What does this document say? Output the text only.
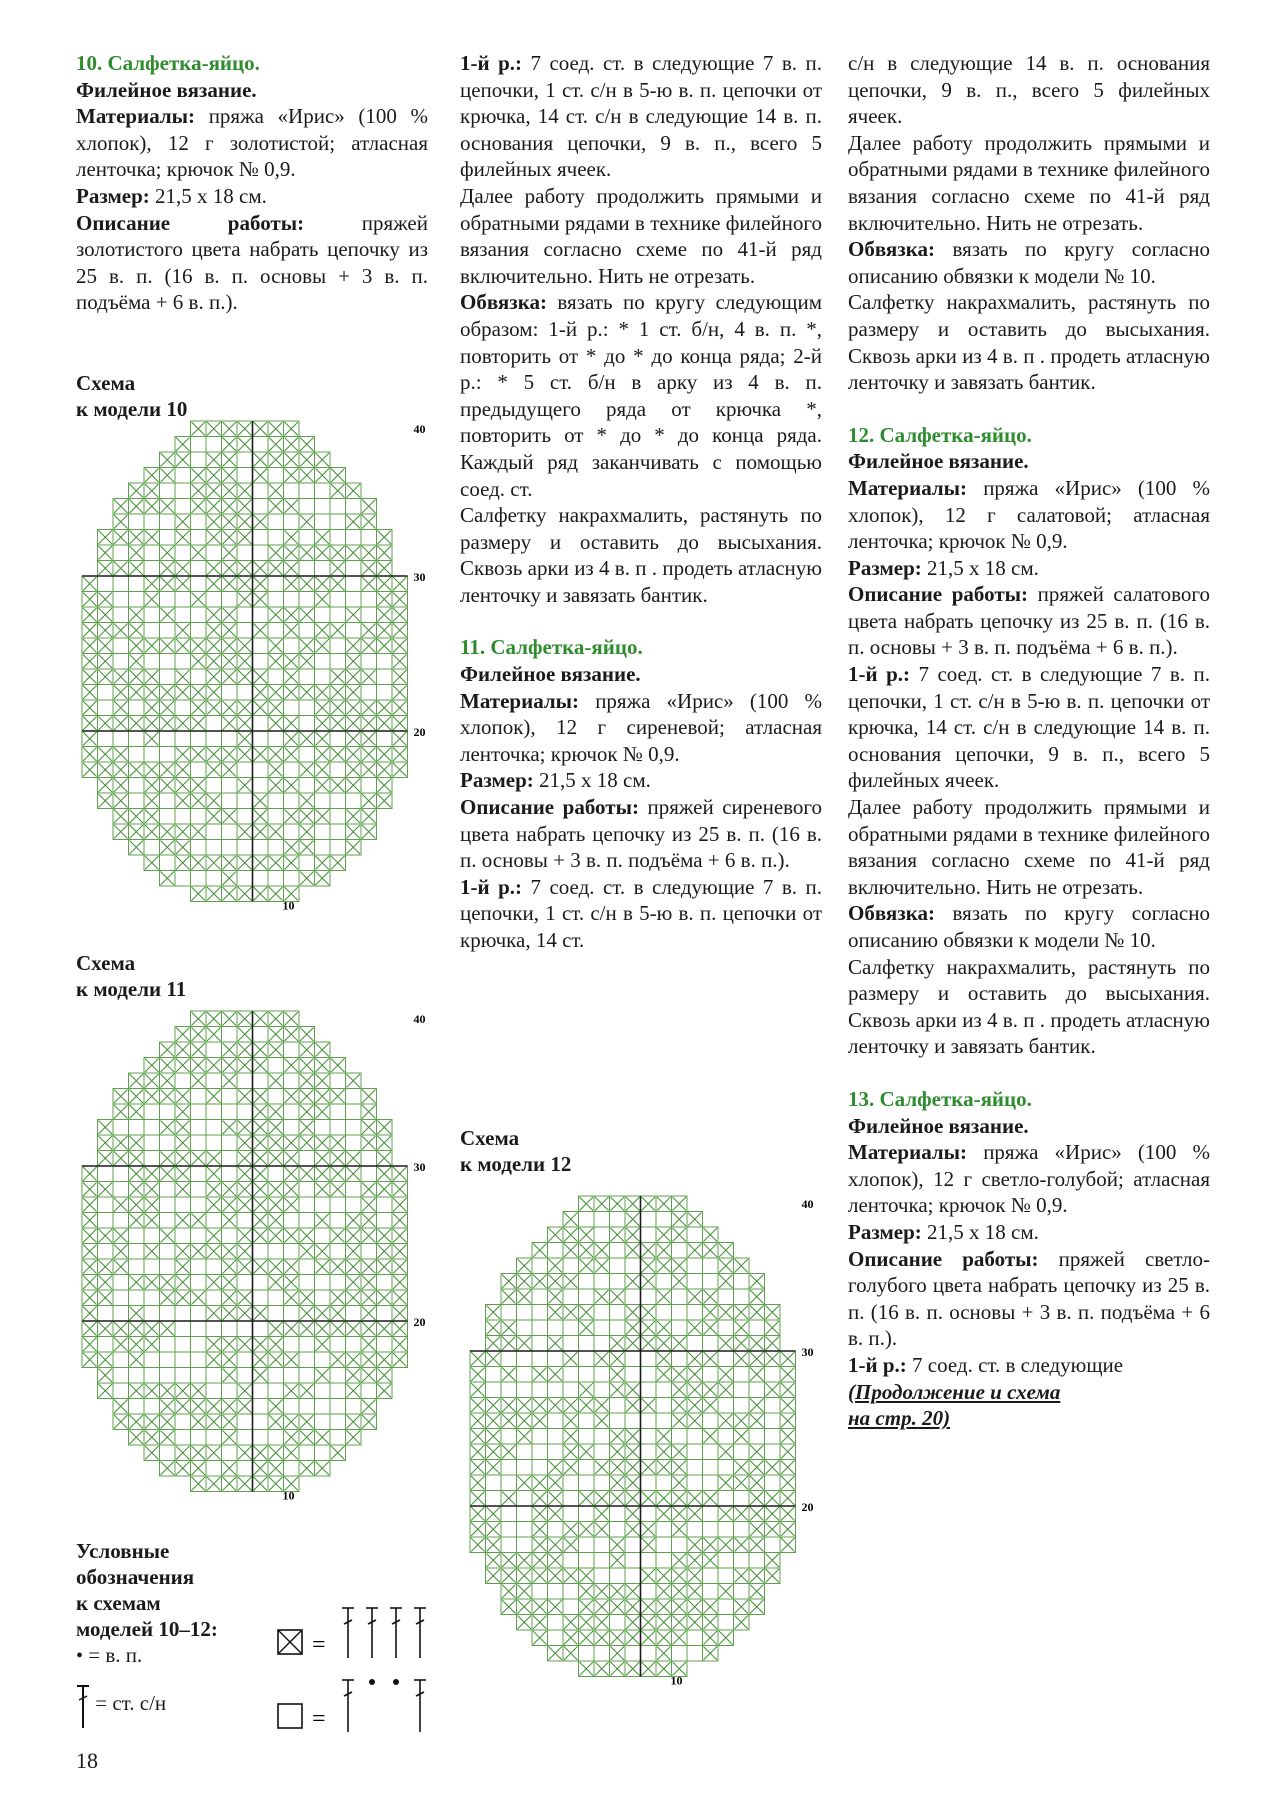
10. Салфетка-яйцо.

Филейное вязание.

Материалы: пряжа «Ирис» (100 % хлопок), 12 г золотистой; атласная ленточка; крючок № 0,9.

Размер: 21,5 х 18 см.

Описание работы:	пряжей золотистого цвета набрать цепочку из 25 в. п. (16 в. п. основы + 3 в. п. подъёма + 6 в. п.).

Схема
к модели 10
Схема
к модели 11
40
30
20
10
40
30
20
10
40
30
20
10
Условные
обозначения
к схемам
моделей 10–12:
• = в. п.
= ст. с/н
=
=
18

1-й р.: 7 соед. ст. в следующие 7 в. п. цепочки, 1 ст. с/н в 5-ю в. п. цепочки от крючка, 14 ст. с/н в следующие 14 в. п. основания цепочки, 9 в. п., всего 5 филейных ячеек.

Далее работу продолжить прямыми и обратными рядами в технике филейного вязания согласно схеме по 41-й ряд включительно. Нить не отрезать.

Обвязка: вязать по кругу следующим образом: 1-й р.: * 1 ст. б/н, 4 в. п. *, повторить от * до * до конца ряда; 2-й р.: * 5 ст. б/н в арку из 4 в. п. предыдущего ряда от крючка *, повторить от * до * до конца ряда. Каждый ряд заканчивать с помощью соед. ст.

Салфетку накрахмалить, растянуть по размеру и оставить до высыхания. Сквозь арки из 4 в. п . продеть атласную ленточку и завязать бантик.

11. Салфетка-яйцо.

Филейное вязание.

Материалы: пряжа «Ирис» (100 % хлопок), 12 г сиреневой; атласная ленточка; крючок № 0,9.

Размер: 21,5 х 18 см.

Описание работы: пряжей сиреневого цвета набрать цепочку из 25 в. п. (16 в. п. основы + 3 в. п. подъёма + 6 в. п.).

1-й р.: 7 соед. ст. в следующие 7 в. п. цепочки, 1 ст. с/н в 5-ю в. п. цепочки от крючка, 14 ст.

Схема
к модели 12

с/н в следующие 14 в. п. основания цепочки, 9 в. п., всего 5 филейных ячеек.

Далее работу продолжить прямыми и обратными рядами в технике филейного вязания согласно схеме по 41-й ряд включительно. Нить не отрезать.

Обвязка: вязать по кругу согласно описанию обвязки к модели № 10.

Салфетку накрахмалить, растянуть по размеру и оставить до высыхания. Сквозь арки из 4 в. п . продеть атласную ленточку и завязать бантик.

12. Салфетка-яйцо.

Филейное вязание.

Материалы: пряжа «Ирис» (100 % хлопок), 12 г салатовой; атласная ленточка; крючок № 0,9.

Размер: 21,5 х 18 см.

Описание работы: пряжей салатового цвета набрать цепочку из 25 в. п. (16 в. п. основы + 3 в. п. подъёма + 6 в. п.).

1-й р.: 7 соед. ст. в следующие 7 в. п. цепочки, 1 ст. с/н в 5-ю в. п. цепочки от крючка, 14 ст. с/н в следующие 14 в. п. основания цепочки, 9 в. п., всего 5 филейных ячеек.

Далее работу продолжить прямыми и обратными рядами в технике филейного вязания согласно схеме по 41-й ряд включительно. Нить не отрезать.

Обвязка: вязать по кругу согласно описанию обвязки к модели № 10.

Салфетку накрахмалить, растянуть по размеру и оставить до высыхания. Сквозь арки из 4 в. п . продеть атласную ленточку и завязать бантик.

13. Салфетка-яйцо.

Филейное вязание.

Материалы: пряжа «Ирис» (100 % хлопок), 12 г светло-голубой; атласная ленточка; крючок № 0,9.

Размер: 21,5 х 18 см.

Описание работы: пряжей светло-голубого цвета набрать цепочку из 25 в. п. (16 в. п. основы + 3 в. п. подъёма + 6 в. п.).

1-й р.: 7 соед. ст. в следующие

(Продолжение и схема
на стр. 20)
